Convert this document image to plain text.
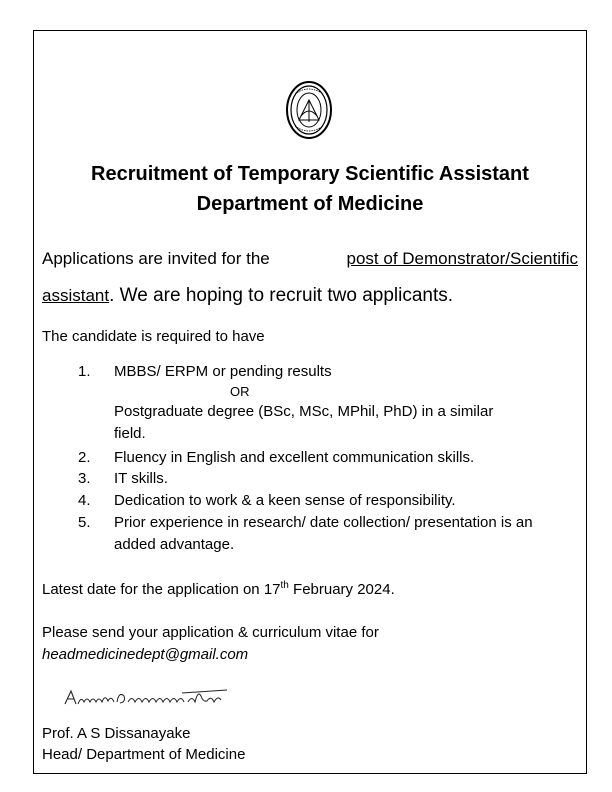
Recruitment of Temporary Scientific Assistant
Department of Medicine
Applications are invited for the	post of Demonstrator/Scientific
assistant. We are hoping to recruit two applicants.
The candidate is required to have
1. MBBS/ ERPM or pending results
OR
Postgraduate degree (BSc, MSc, MPhil, PhD) in a similar
field.
2. Fluency in English and excellent communication skills.
3. IT skills.
4. Dedication to work & a keen sense of responsibility.
5. Prior experience in research/ date collection/ presentation is an
added advantage.
Latest date for the application on 17th February 2024.
Please send your application & curriculum vitae for
headmedicinedept@gmail.com
Prof. A S Dissanayake
Head/ Department of Medicine
